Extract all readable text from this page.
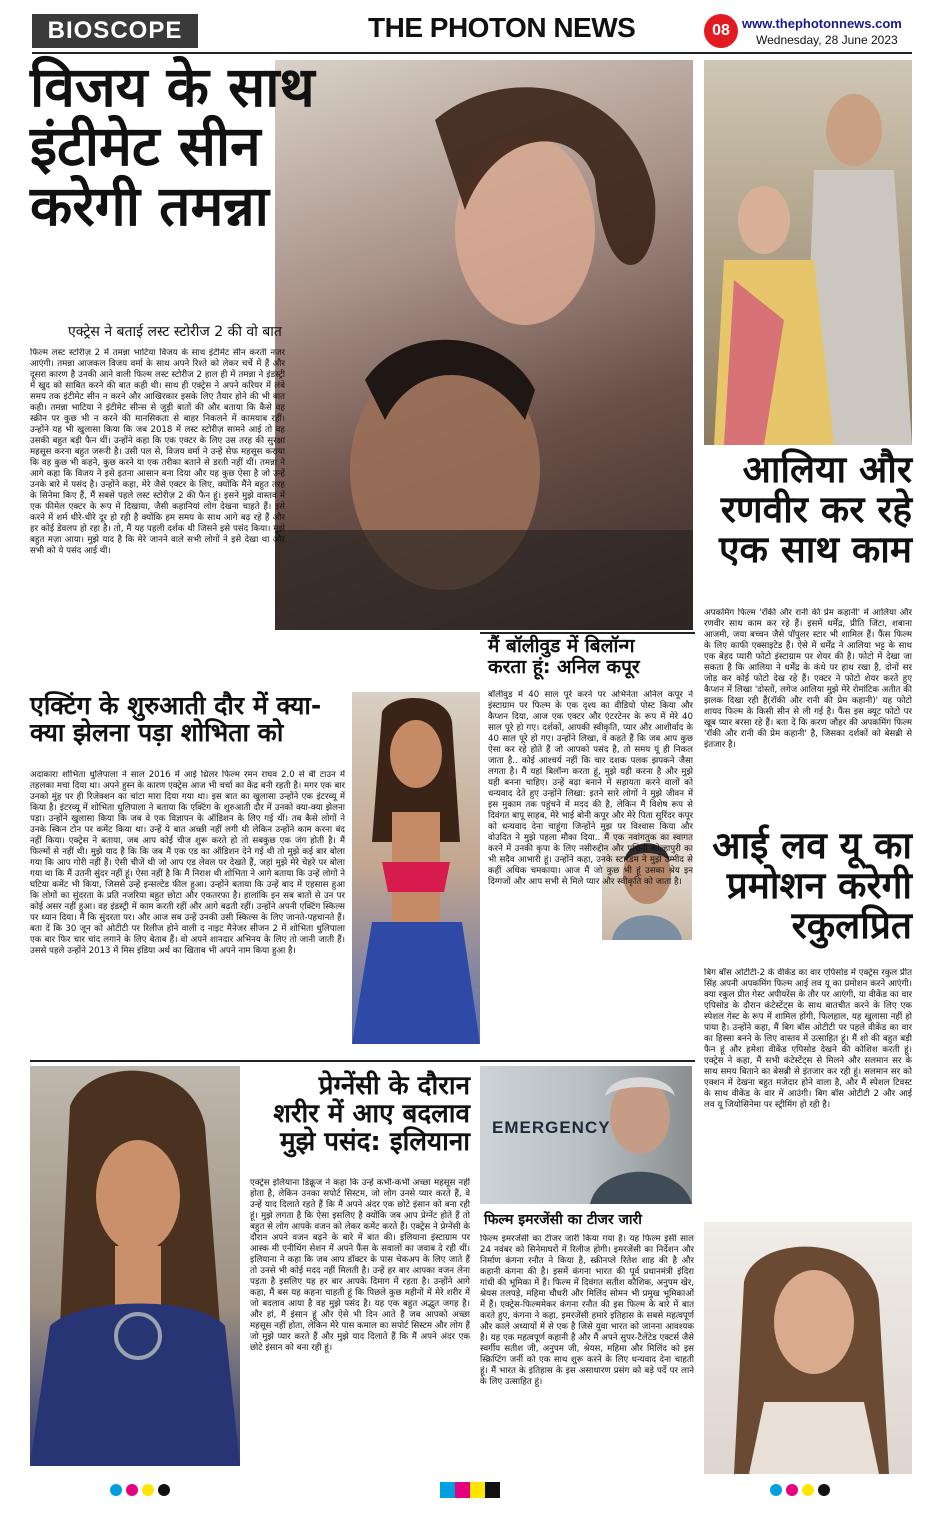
BIOSCOPE	THE PHOTON NEWS	08 www.thephotonnews.com
Wednesday, 28 June 2023
विजय के साथ
इंटीमेट सीन
करेगी तमन्ना
एक्ट्रेस ने बताई लस्ट स्टोरीज 2 की वो बात
फिल्म लस्ट स्टोरीज़ 2 में तमन्ना भाटिया विजय के साथ इंटीमेट सीन करती नजर आएंगी। तमन्ना आजकल विजय वर्मा के साथ अपने रिश्ते को लेकर चर्चे में हैं और दूसरा कारण है उनकी आने वाली फिल्म लस्ट स्टोरीज 2 हाल ही में तमन्ना ने इंडस्ट्री में खुद को साबित करने की बात कही थी। साथ ही एक्ट्रेस ने अपने करियर में लंबे समय तक इंटीमेट सीन न करने और आखिरकार इसके लिए तैयार होने की भी बात कही। तमन्ना भाटिया ने इंटीमेट सीन्स से जुड़ी बातों की और बताया कि कैसे वह स्क्रीन पर कुछ भी न करने की मानसिकता से बाहर निकलने में कामयाब रहीं। उन्होंने यह भी खुलासा किया कि जब 2018 में लस्ट स्टोरीज़ सामने आई तो वह उसकी बहुत बड़ी फैन थीं। उन्होंने कहा कि एक एक्टर के लिए उस तरह की सुरक्षा महसूस करना बहुत जरूरी है। उसी पल से, विजय वर्मा ने उन्हें सेफ महसूस कराया कि वह कुछ भी कहने, कुछ करने या एक तरीका बताने से डरती नहीं थीं। तमन्ना ने आगे कहा कि विजय ने इसे इतना आसान बना दिया और यह कुछ ऐसा है जो उन्हें उनके बारे में पसंद है। उन्होंने कहा, मेरे जैसे एक्टर के लिए, क्योंकि मैंने बहुत तरह के सिनेमा किए हैं, मैं सबसे पहले लस्ट स्टोरीज़ 2 की फैन हूं। इसने मुझे वास्तव में एक फीमेल एक्टर के रूप में दिखाया, जैसी कहानियां लोग देखना चाहते हैं। इसे करने में शर्म धीरे-धीरे दूर हो रही है क्योंकि हम समय के साथ आगे बढ़ रहे हैं और हर कोई डेवलप हो रहा है। तो, मैं यह पहली दर्शक थी जिसने इसे पसंद किया। मुझे बहुत मज़ा आया। मुझे याद है कि मेरे जानने वाले सभी लोगों ने इसे देखा था और सभी को ये पसंद आई थी।
आलिया और
रणवीर कर रहे
एक साथ काम
अपकमिंग फिल्म 'रॉकी और रानी की प्रेम कहानी' में आलिया और रणवीर साथ काम कर रहे हैं। इसमें धर्मेंद्र, प्रीति जिंटा, शबाना आजमी, जया बच्चन जैसे पॉपुलर स्टार भी शामिल हैं। फैंस फिल्म के लिए काफी एक्साइटेड हैं। ऐसे में धर्मेंद्र ने आलिया भट्ट के साथ एक बेहद प्यारी फोटो इंस्टाग्राम पर शेयर की है। फोटो में देखा जा सकता है कि आलिया ने धर्मेंद्र के कंधे पर हाथ रखा है, दोनों सर जोड़ कर कोई फोटो देख रहे हैं। एक्टर ने फोटो शेयर करते हुए कैप्शन में लिखा 'दोस्तों, लगेज आलिया मुझे मेरे रोमांटिक अतीत की झलक दिखा रही हैं(रॉकी और रानी की प्रेम कहानी)' यह फोटो शायद फिल्म के किसी सीन से ली गई है। फैंस इस क्यूट फोटो पर खूब प्यार बरसा रहे हैं। बता दें कि करण जौहर की अपकमिंग फिल्म 'रॉकी और रानी की प्रेम कहानी' है, जिसका दर्शकों को बेसब्री से इंतजार है।
मैं बॉलीवुड में बिलॉन्ग
करता हूं: अनिल कपूर
बॉलीवुड में 40 साल पूरे करने पर अभिनेता अनिल कपूर ने इंस्टाग्राम पर फिल्म के एक दृश्य का वीडियो पोस्ट किया और कैप्शन दिया, आज एक एक्टर और एंटरटेनर के रूप में मेरे 40 साल पूरे हो गए। दर्शकों, आपकी स्वीकृति, प्यार और आशीर्वाद के 40 साल पूरे हो गए। उन्होंने लिखा, वे कहते हैं कि जब आप कुछ ऐसा कर रहे होते हैं जो आपको पसंद है, तो समय यूं ही निकल जाता है.. कोई आश्चर्य नहीं कि चार दशक पलक झपकने जैसा लगता है। मैं यहां बिलॉन्ग करता हूं, मुझे यही करना है और मुझे यही बनना चाहिए। उन्हें बढ़ा बनाने में सहायता करने वालों को धन्यवाद देते हुए उन्होंने लिखा: इतने सारे लोगों ने मुझे जीवन में इस मुकाम तक पहुंचने में मदद की है, लेकिन मैं विशेष रूप से दिवंगत बापू साहब, मेरे भाई बोनी कपूर और मेरे पिता सुरिंदर कपूर को धन्यवाद देना चाहूंगा जिन्होंने मुझ पर विश्वास किया और वोउदित ने मुझे पहला मौका दिया.. मैं एक नवांगतुक का स्वागत करने में उनकी कृपा के लिए नसीरुद्दीन और पद्मिनी कोल्हापुरी का भी सदैव आभारी हूं। उन्होंने कहा, उनके स्टारडम ने मुझे उम्मीद से कहीं अधिक चमकाया। आज मैं जो कुछ भी हूं उसका श्रेय इन दिग्गजों और आप सभी से मिले प्यार और स्वीकृति को जाता है।
एक्टिंग के शुरुआती दौर में क्या-
क्या झेलना पड़ा शोभिता को
अदाकारा शोभिता धुलिपाला ने साल 2016 में आई थ्रिलर फिल्म रमन राघव 2.0 से बी टाउन में तहलका मचा दिया था। अपने हुस्न के कारण एक्ट्रेस आज भी चर्चा का केंद्र बनी रहती है। मगर एक बार उनको मुंह पर ही रिजेक्शन का चांटा मारा दिया गया था। इस बात का खुलासा उन्होंने एक इंटरव्यू में किया है। इंटरव्यू में शोभिता धुलिपाला ने बताया कि एक्टिंग के शुरुआती दौर में उनको क्या-क्या झेलना पड़ा। उन्होंने खुलासा किया कि जब वे एक विज्ञापन के ऑडिशन के लिए गई थीं। तब कैसे लोगों ने उनके स्किन टोन पर कमेंट किया था। उन्हें ये बात अच्छी नहीं लगी थी लेकिन उन्होंने काम करना बंद नहीं किया। एक्ट्रेस ने बताया, जब आप कोई चीज शुरू करते हो तो सबकुछ एक जंग होती है। मैं फिल्मों से नहीं थी। मुझे याद है कि कि जब मैं एक एड का ऑडिशन देने गई थी तो मुझे कई बार बोला गया कि आप गोरी नहीं हैं। ऐसी चीजें थी जो आप एड लेवल पर देखते हैं, जहां मुझे मेरे चेहरे पर बोला गया था कि मैं उतनी सुंदर नहीं हूं। ऐसा नहीं है कि मैं निराश थी शोभिता ने आगे बताया कि उन्हें लोगों ने घटिया कमेंट भी किया, जिससे उन्हें इन्सल्टेड फील हुआ। उन्होंने बताया कि उन्हें बाद में एहसास हुआ कि लोगों का सुंदरता के प्रति नजरिया बहुत छोटा और एकतरफा है। हालांकि इन सब बातों से उन पर कोई असर नहीं हुआ। वह इंडस्ट्री में काम करती रहीं और आगे बढ़ती रहीं। उन्होंने अपनी एक्टिंग स्किल्स पर ध्यान दिया। मैं कि सुंदरता पर। और आज सब उन्हें उनकी उसी स्किल्स के लिए जानते-पहचानते हैं। बता दें कि 30 जून को ओटीटी पर रिलीज होने वाली द नाइट मैनेजर सीजन 2 में शोभिता धुलिपाला एक बार फिर चार चांद लगाने के लिए बेताब हैं। वो अपने शानदार अभिनय के लिए तो जानी जाती हैं। उससे पहले उन्होंने 2013 में मिस इंडिया अर्थ का खिताब भी अपने नाम किया हुआ है।
आई लव यू का
प्रमोशन करेगी
रकुलप्रित
बिग बॉस ओटीटी-2 के वीकेंड का वार एपिसोड में एक्ट्रेस रकुल प्रीत सिंह अपनी अपकमिंग फिल्म आई लव यू का प्रमोशन करने आएंगी। क्या रकुल प्रीत गेस्ट अपीयरेंस के तौर पर आएंगी, या वीकेंड का वार एपिसोड के दौरान कंटेस्टेंट्स के साथ बातचीत करने के लिए एक स्पेशल गेस्ट के रूप में शामिल होंगी, फिलहाल, यह खुलासा नहीं हो पाया है। उन्होंने कहा, मैं बिग बॉस ओटीटी पर पहले वीकेंड का वार का हिस्सा बनने के लिए वास्तव में उत्साहित हूं। मैं शो की बहुत बड़ी फैन हूं और हमेशा वीकेंड एपिसोड देखने की कोशिश करती हूं। एक्ट्रेस ने कहा, मैं सभी कंटेस्टेंट्स से मिलने और सलमान सर के साथ समय बिताने का बेसब्री से इंतजार कर रही हूं। सलमान सर को एक्शन में देखना बहुत मजेदार होने वाला है, और मैं स्पेशल टिवस्ट के साथ वीकेंड के वार में आउंगी। बिग बॉस ओटीटी 2 और आई लव यू जियोसिनेमा पर स्ट्रीमिंग हो रही है।
प्रेग्नेंसी के दौरान
शरीर में आए बदलाव
मुझे पसंद: इलियाना
एक्ट्रेस इलियाना डिक्रूज ने कहा कि उन्हें कभी-कभी अच्छा महसूस नहीं होता है, लेकिन उनका सपोर्ट सिस्टम, जो लोग उनसे प्यार करते हैं, वे उन्हें याद दिलाते रहते हैं कि मैं अपने अंदर एक छोटे इंसान को बना रही हूं। मुझे लगता है कि ऐसा इसलिए है क्योंकि जब आप प्रेग्नेंट होते हैं तो बहुत से लोग आपके वजन को लेकर कमेंट करते हैं। एक्ट्रेस ने प्रेग्नेंसी के दौरान अपने वजन बढ़ने के बारे में बात की। इलियाना इंस्टाग्राम पर आस्क मी एनीथिंग सेशन में अपने फैंस के सवालों का जवाब दे रही थीं। इलियाना ने कहा कि जब आप डॉक्टर के पास चेकअप के लिए जाते हैं तो उनसे भी कोई मदद नहीं मिलती है। उन्हें हर बार आपका वजन लेना पड़ता है इसलिए यह हर बार आपके दिमाग में रहता है। उन्होंने आगे कहा, मैं बस यह कहना चाहती हूं कि पिछले कुछ महीनों में मेरे शरीर में जो बदलाव आया है वह मुझे पसंद है। यह एक बहुत अद्भुत जगह है। और हां, मैं इंसान हूं और ऐसे भी दिन आते हैं जब आपको अच्छा महसूस नहीं होता, लेकिन मेरे पास कमाल का सपोर्ट सिस्टम और लोग हैं जो मुझे प्यार करते हैं और मुझे याद दिलाते हैं कि मैं अपने अंदर एक छोटे इंसान को बना रही हूं।
EMERGENCY
फिल्म इमरजेंसी का टीजर जारी
फिल्म इमरजेंसी का टीजर जारी किया गया है। यह फिल्म इसी साल 24 नवंबर को सिनेमाघरों में रिलीज होगी। इमरजेंसी का निर्देशन और निर्माण कंगना रनौत ने किया है, स्क्रीनप्ले रितेश शाह की है और कहानी कंगना की है। इसमें कंगना भारत की पूर्व प्रधानमंत्री इंदिरा गांधी की भूमिका में हैं। फिल्म में दिवंगत सतीश कौशिक, अनुपम खेर, श्रेयस तलपड़े, महिमा चौधरी और मिलिंद सोमन भी प्रमुख भूमिकाओं में हैं। एक्ट्रेस-फिल्ममेकर कंगना रनौत की इस फिल्म के बारे में बात करते हुए, कंगना ने कहा, इमरजेंसी हमारे इतिहास के सबसे महत्वपूर्ण और काले अध्यायों में से एक है जिसे युवा भारत को जानना आवश्यक है। यह एक महत्वपूर्ण कहानी है और मैं अपने सुपर-टैलेंटेड एक्टर्स जैसे स्वर्गीय सतीश जी, अनुपम जी, श्रेयस, महिमा और मिलिंद को इस स्क्रिप्टिंग जर्नी को एक साथ शुरू करने के लिए धन्यवाद देना चाहती हूं। मैं भारत के इतिहास के इस असाधारण प्रसंग को बड़े पर्दे पर लाने के लिए उत्साहित हूं।
